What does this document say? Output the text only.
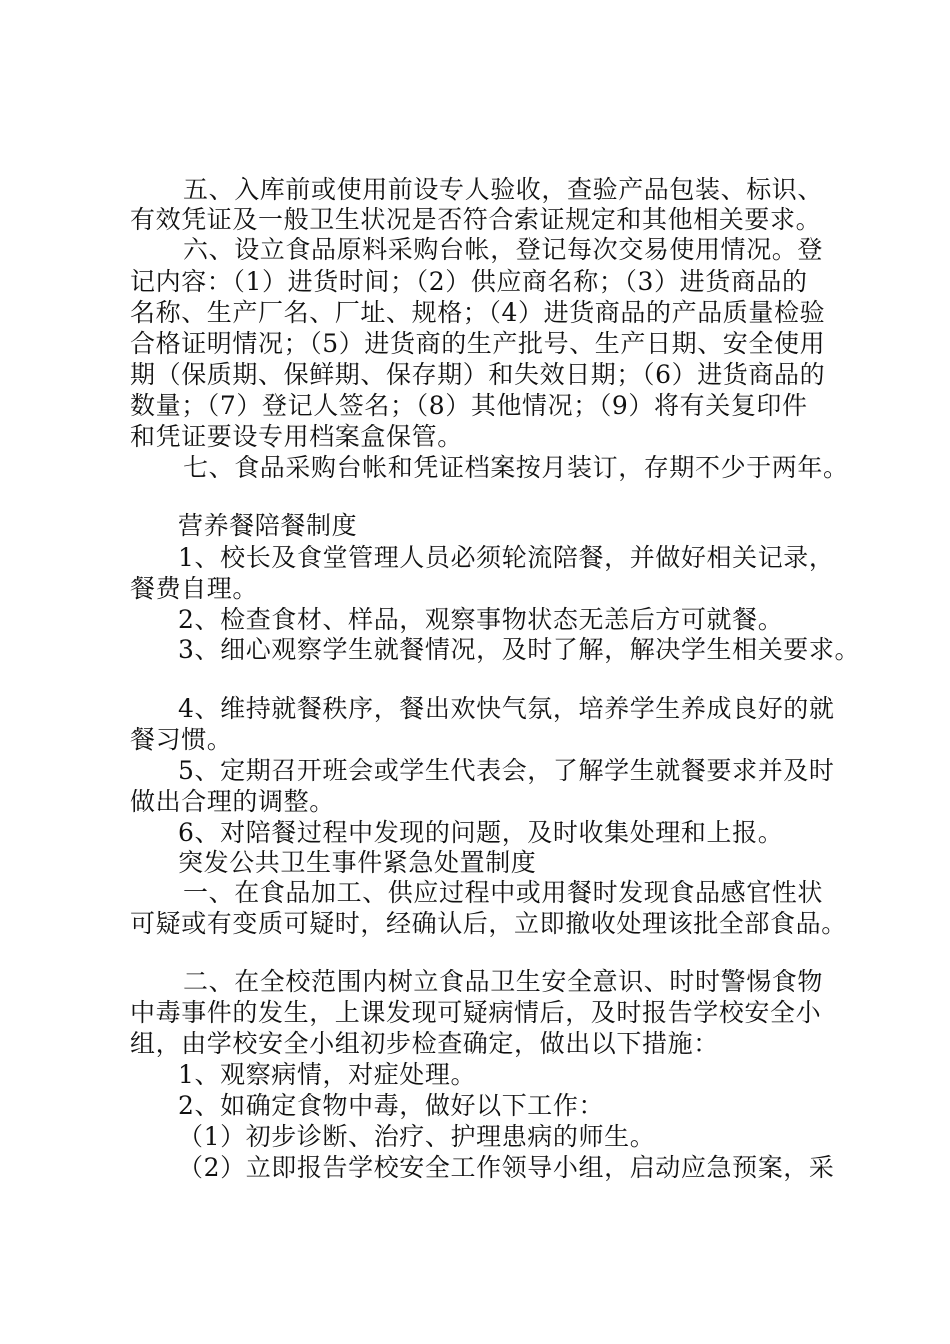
五、入库前或使用前设专人验收，查验产品包装、标识、
有效凭证及一般卫生状况是否符合索证规定和其他相关要求。
六、设立食品原料采购台帐，登记每次交易使用情况。登
记内容：（1）进货时间；（2）供应商名称；（3）进货商品的
名称、生产厂名、厂址、规格；（4）进货商品的产品质量检验
合格证明情况；（5）进货商的生产批号、生产日期、安全使用
期（保质期、保鲜期、保存期）和失效日期；（6）进货商品的
数量；（7）登记人签名；（8）其他情况；（9）将有关复印件
和凭证要设专用档案盒保管。
七、食品采购台帐和凭证档案按月装订，存期不少于两年。
营养餐陪餐制度
1、校长及食堂管理人员必须轮流陪餐，并做好相关记录，
餐费自理。
2、检查食材、样品，观察事物状态无恙后方可就餐。
3、细心观察学生就餐情况，及时了解，解决学生相关要求。
4、维持就餐秩序，餐出欢快气氛，培养学生养成良好的就
餐习惯。
5、定期召开班会或学生代表会，了解学生就餐要求并及时
做出合理的调整。
6、对陪餐过程中发现的问题，及时收集处理和上报。
突发公共卫生事件紧急处置制度
一、在食品加工、供应过程中或用餐时发现食品感官性状
可疑或有变质可疑时，经确认后，立即撤收处理该批全部食品。
二、在全校范围内树立食品卫生安全意识、时时警惕食物
中毒事件的发生，上课发现可疑病情后，及时报告学校安全小
组，由学校安全小组初步检查确定，做出以下措施：
1、观察病情，对症处理。
2、如确定食物中毒，做好以下工作：
（1）初步诊断、治疗、护理患病的师生。
（2）立即报告学校安全工作领导小组，启动应急预案，采
